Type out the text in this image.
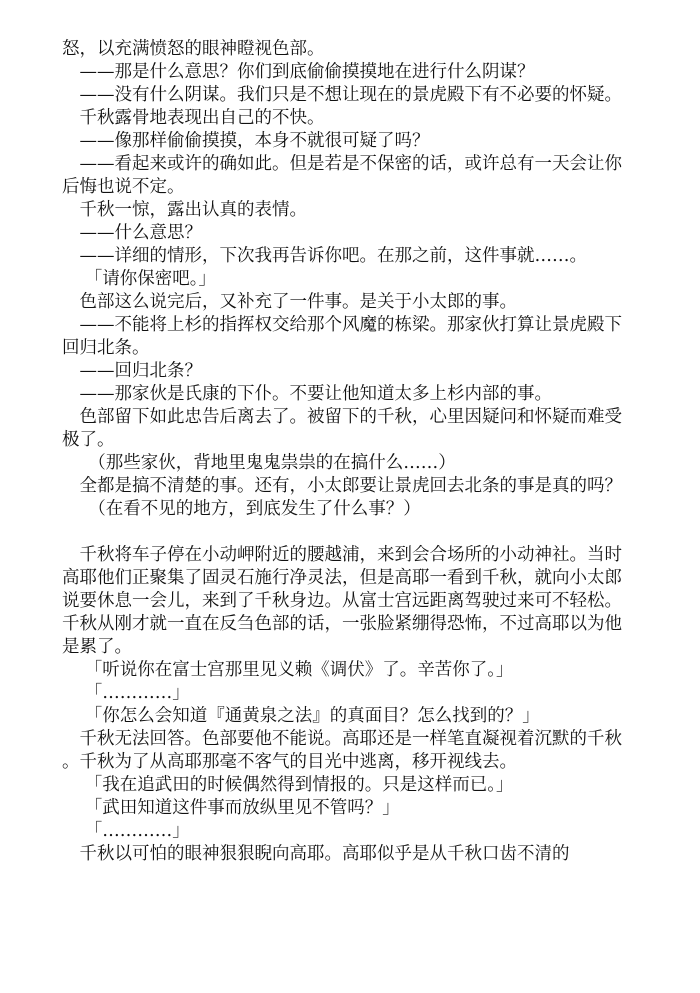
怒，以充满愤怒的眼神瞪视色部。

——那是什么意思？你们到底偷偷摸摸地在进行什么阴谋？

——没有什么阴谋。我们只是不想让现在的景虎殿下有不必要的怀疑。

千秋露骨地表现出自己的不快。

——像那样偷偷摸摸，本身不就很可疑了吗？

——看起来或许的确如此。但是若是不保密的话，或许总有一天会让你后悔也说不定。

千秋一惊，露出认真的表情。

——什么意思？

——详细的情形，下次我再告诉你吧。在那之前，这件事就……。

「请你保密吧。」

色部这么说完后，又补充了一件事。是关于小太郎的事。

——不能将上杉的指挥权交给那个风魔的栋梁。那家伙打算让景虎殿下回归北条。

——回归北条？

——那家伙是氏康的下仆。不要让他知道太多上杉内部的事。

色部留下如此忠告后离去了。被留下的千秋，心里因疑问和怀疑而难受极了。

（那些家伙，背地里鬼鬼祟祟的在搞什么……）

全都是搞不清楚的事。还有，小太郎要让景虎回去北条的事是真的吗？

（在看不见的地方，到底发生了什么事？）

千秋将车子停在小动岬附近的腰越浦，来到会合场所的小动神社。当时高耶他们正聚集了固灵石施行净灵法，但是高耶一看到千秋，就向小太郎说要休息一会儿，来到了千秋身边。从富士宫远距离驾驶过来可不轻松。千秋从刚才就一直在反刍色部的话，一张脸紧绷得恐怖，不过高耶以为他是累了。

「听说你在富士宫那里见义赖《调伏》了。辛苦你了。」

「…………」

「你怎么会知道『通黄泉之法』的真面目？怎么找到的？」

千秋无法回答。色部要他不能说。高耶还是一样笔直凝视着沉默的千秋。千秋为了从高耶那毫不客气的目光中逃离，移开视线去。

「我在追武田的时候偶然得到情报的。只是这样而已。」

「武田知道这件事而放纵里见不管吗？」

「…………」

千秋以可怕的眼神狠狠睨向高耶。高耶似乎是从千秋口齿不清的
